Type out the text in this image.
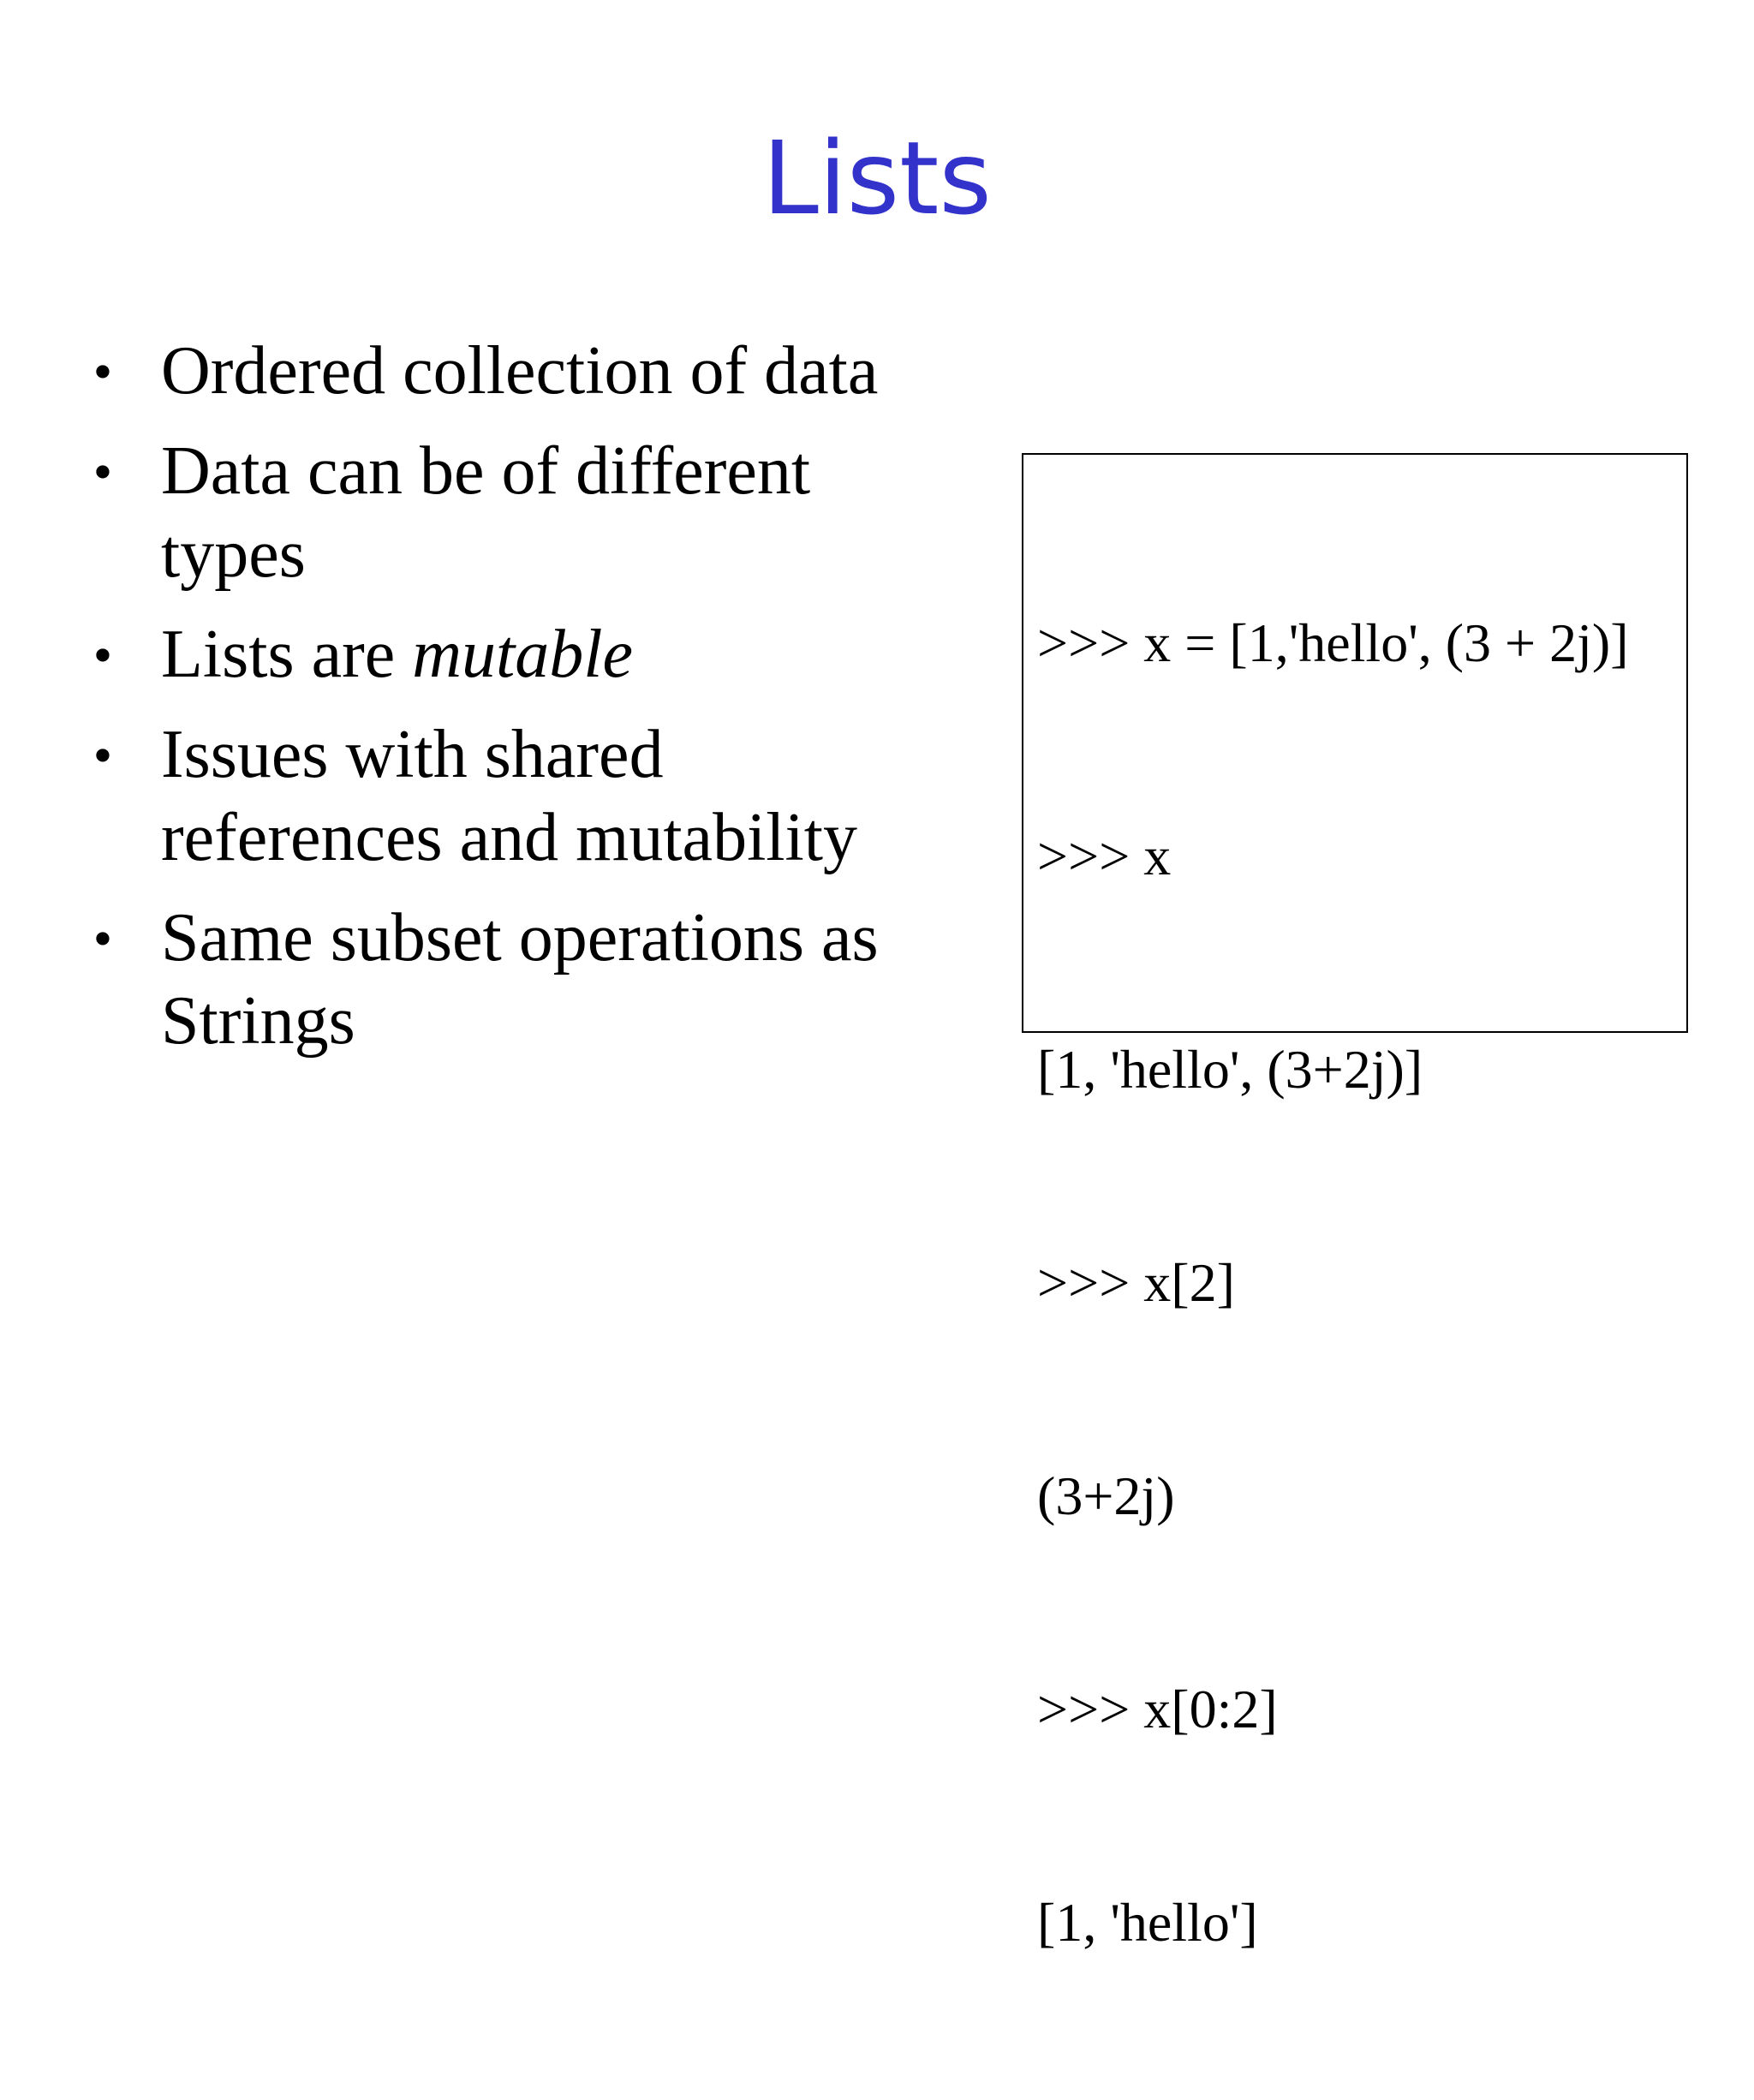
Lists
• Ordered collection of data
• Data can be of different types
• Lists are mutable
• Issues with shared references and mutability
• Same subset operations as Strings

>>> x = [1,'hello', (3 + 2j)]

>>> x

[1, 'hello', (3+2j)]

>>> x[2]

(3+2j)

>>> x[0:2]

[1, 'hello']
